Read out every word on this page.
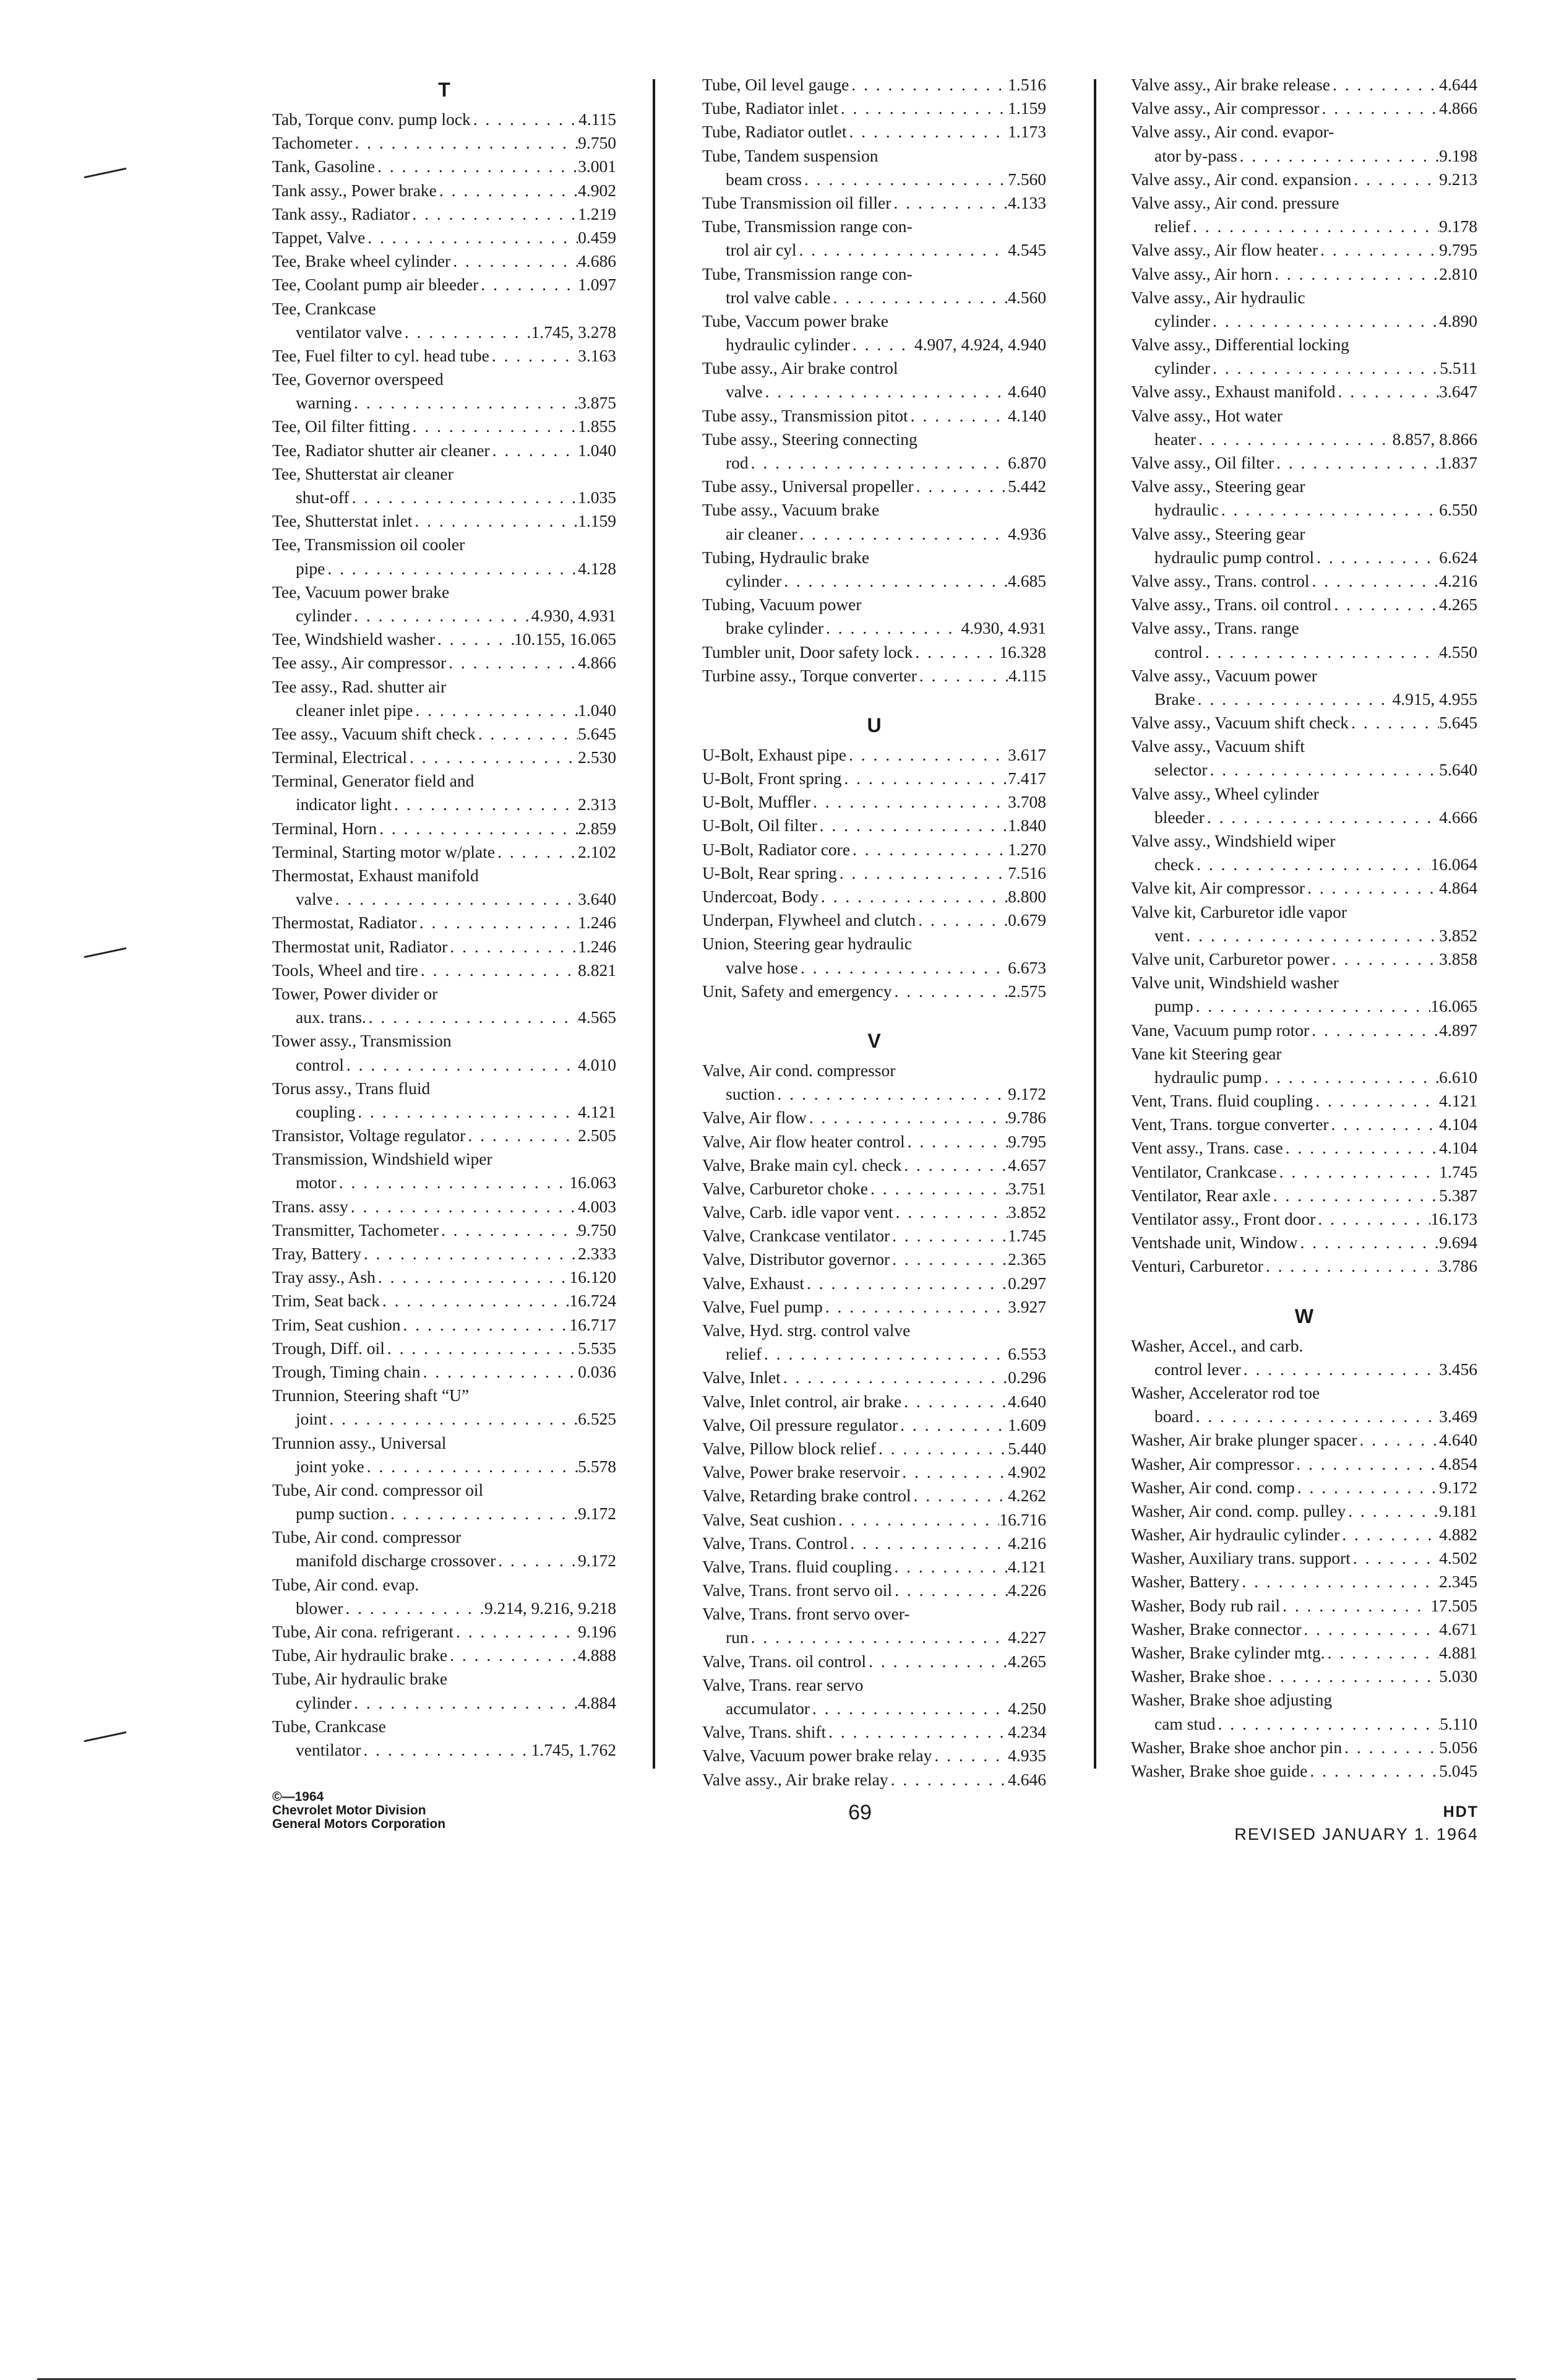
T
Tab, Torque conv. pump lock . . .	4.115
Tachometer . . .	9.750
Tank, Gasoline . . .	3.001
Tank assy., Power brake . . .	4.902
Tank assy., Radiator . . .	1.219
Tappet, Valve . . .	0.459
Tee, Brake wheel cylinder . . .	4.686
Tee, Coolant pump air bleeder . . .	1.097
Tee, Crankcase
ventilator valve . . .	1.745, 3.278
Tee, Fuel filter to cyl. head tube . . .	3.163
Tee, Governor overspeed
warning . . .	3.875
Tee, Oil filter fitting . . .	1.855
Tee, Radiator shutter air cleaner . . .	1.040
Tee, Shutterstat air cleaner
shut-off . . .	1.035
Tee, Shutterstat inlet . . .	1.159
Tee, Transmission oil cooler
pipe . . .	4.128
Tee, Vacuum power brake
cylinder . . .	4.930, 4.931
Tee, Windshield washer . . .	10.155, 16.065
Tee assy., Air compressor . . .	4.866
Tee assy., Rad. shutter air
cleaner inlet pipe . . .	1.040
Tee assy., Vacuum shift check . . .	5.645
Terminal, Electrical . . .	2.530
Terminal, Generator field and
indicator light . . .	2.313
Terminal, Horn . . .	2.859
Terminal, Starting motor w/plate . . .	2.102
Thermostat, Exhaust manifold
valve . . .	3.640
Thermostat, Radiator . . .	1.246
Thermostat unit, Radiator . . .	1.246
Tools, Wheel and tire . . .	8.821
Tower, Power divider or
aux. trans. . . .	4.565
Tower assy., Transmission
control . . .	4.010
Torus assy., Trans fluid
coupling . . .	4.121
Transistor, Voltage regulator . . .	2.505
Transmission, Windshield wiper
motor . . .	16.063
Trans. assy . . .	4.003
Transmitter, Tachometer . . .	9.750
Tray, Battery . . .	2.333
Tray assy., Ash . . .	16.120
Trim, Seat back . . .	16.724
Trim, Seat cushion . . .	16.717
Trough, Diff. oil . . .	5.535
Trough, Timing chain . . .	0.036
Trunnion, Steering shaft “U”
joint . . .	6.525
Trunnion assy., Universal
joint yoke . . .	5.578
Tube, Air cond. compressor oil
pump suction . . .	9.172
Tube, Air cond. compressor
manifold discharge crossover . . .	9.172
Tube, Air cond. evap.
blower . . .	9.214, 9.216, 9.218
Tube, Air cona. refrigerant . . .	9.196
Tube, Air hydraulic brake . . .	4.888
Tube, Air hydraulic brake
cylinder . . .	4.884
Tube, Crankcase
ventilator . . .	1.745, 1.762
Tube, Oil level gauge . . .	1.516
Tube, Radiator inlet . . .	1.159
Tube, Radiator outlet . . .	1.173
Tube, Tandem suspension
beam cross . . .	7.560
Tube Transmission oil filler . . .	4.133
Tube, Transmission range con-
trol air cyl . . .	4.545
Tube, Transmission range con-
trol valve cable . . .	4.560
Tube, Vaccum power brake
hydraulic cylinder . . .	4.907, 4.924, 4.940
Tube assy., Air brake control
valve . . .	4.640
Tube assy., Transmission pitot . . .	4.140
Tube assy., Steering connecting
rod . . .	6.870
Tube assy., Universal propeller . . .	5.442
Tube assy., Vacuum brake
air cleaner . . .	4.936
Tubing, Hydraulic brake
cylinder . . .	4.685
Tubing, Vacuum power
brake cylinder . . .	4.930, 4.931
Tumbler unit, Door safety lock . . .	16.328
Turbine assy., Torque converter . . .	4.115
U
U-Bolt, Exhaust pipe . . .	3.617
U-Bolt, Front spring . . .	7.417
U-Bolt, Muffler . . .	3.708
U-Bolt, Oil filter . . .	1.840
U-Bolt, Radiator core . . .	1.270
U-Bolt, Rear spring . . .	7.516
Undercoat, Body . . .	8.800
Underpan, Flywheel and clutch . . .	0.679
Union, Steering gear hydraulic
valve hose . . .	6.673
Unit, Safety and emergency . . .	2.575
V
Valve, Air cond. compressor
suction . . .	9.172
Valve, Air flow . . .	9.786
Valve, Air flow heater control . . .	9.795
Valve, Brake main cyl. check . . .	4.657
Valve, Carburetor choke . . .	3.751
Valve, Carb. idle vapor vent . . .	3.852
Valve, Crankcase ventilator . . .	1.745
Valve, Distributor governor . . .	2.365
Valve, Exhaust . . .	0.297
Valve, Fuel pump . . .	3.927
Valve, Hyd. strg. control valve
relief . . .	6.553
Valve, Inlet . . .	0.296
Valve, Inlet control, air brake . . .	4.640
Valve, Oil pressure regulator . . .	1.609
Valve, Pillow block relief . . .	5.440
Valve, Power brake reservoir . . .	4.902
Valve, Retarding brake control . . .	4.262
Valve, Seat cushion . . .	16.716
Valve, Trans. Control . . .	4.216
Valve, Trans. fluid coupling . . .	4.121
Valve, Trans. front servo oil . . .	4.226
Valve, Trans. front servo over-
run . . .	4.227
Valve, Trans. oil control . . .	4.265
Valve, Trans. rear servo
accumulator . . .	4.250
Valve, Trans. shift . . .	4.234
Valve, Vacuum power brake relay . . .	4.935
Valve assy., Air brake relay . . .	4.646
Valve assy., Air brake release . . .	4.644
Valve assy., Air compressor . . .	4.866
Valve assy., Air cond. evapor-
ator by-pass . . .	9.198
Valve assy., Air cond. expansion . . .	9.213
Valve assy., Air cond. pressure
relief . . .	9.178
Valve assy., Air flow heater . . .	9.795
Valve assy., Air horn . . .	2.810
Valve assy., Air hydraulic
cylinder . . .	4.890
Valve assy., Differential locking
cylinder . . .	5.511
Valve assy., Exhaust manifold . . .	3.647
Valve assy., Hot water
heater . . .	8.857, 8.866
Valve assy., Oil filter . . .	1.837
Valve assy., Steering gear
hydraulic . . .	6.550
Valve assy., Steering gear
hydraulic pump control . . .	6.624
Valve assy., Trans. control . . .	4.216
Valve assy., Trans. oil control . . .	4.265
Valve assy., Trans. range
control . . .	4.550
Valve assy., Vacuum power
Brake . . .	4.915, 4.955
Valve assy., Vacuum shift check . . .	5.645
Valve assy., Vacuum shift
selector . . .	5.640
Valve assy., Wheel cylinder
bleeder . . .	4.666
Valve assy., Windshield wiper
check . . .	16.064
Valve kit, Air compressor . . .	4.864
Valve kit, Carburetor idle vapor
vent . . .	3.852
Valve unit, Carburetor power . . .	3.858
Valve unit, Windshield washer
pump . . .	16.065
Vane, Vacuum pump rotor . . .	4.897
Vane kit Steering gear
hydraulic pump . . .	6.610
Vent, Trans. fluid coupling . . .	4.121
Vent, Trans. torgue converter . . .	4.104
Vent assy., Trans. case . . .	4.104
Ventilator, Crankcase . . .	1.745
Ventilator, Rear axle . . .	5.387
Ventilator assy., Front door . . .	16.173
Ventshade unit, Window . . .	9.694
Venturi, Carburetor . . .	3.786
W
Washer, Accel., and carb.
control lever . . .	3.456
Washer, Accelerator rod toe
board . . .	3.469
Washer, Air brake plunger spacer . . .	4.640
Washer, Air compressor . . .	4.854
Washer, Air cond. comp . . .	9.172
Washer, Air cond. comp. pulley . . .	9.181
Washer, Air hydraulic cylinder . . .	4.882
Washer, Auxiliary trans. support . . .	4.502
Washer, Battery . . .	2.345
Washer, Body rub rail . . .	17.505
Washer, Brake connector . . .	4.671
Washer, Brake cylinder mtg. . . .	4.881
Washer, Brake shoe . . .	5.030
Washer, Brake shoe adjusting
cam stud . . .	5.110
Washer, Brake shoe anchor pin . . .	5.056
Washer, Brake shoe guide . . .	5.045
©—1964
Chevrolet Motor Division
General Motors Corporation	69	HDT
REVISED JANUARY 1. 1964
